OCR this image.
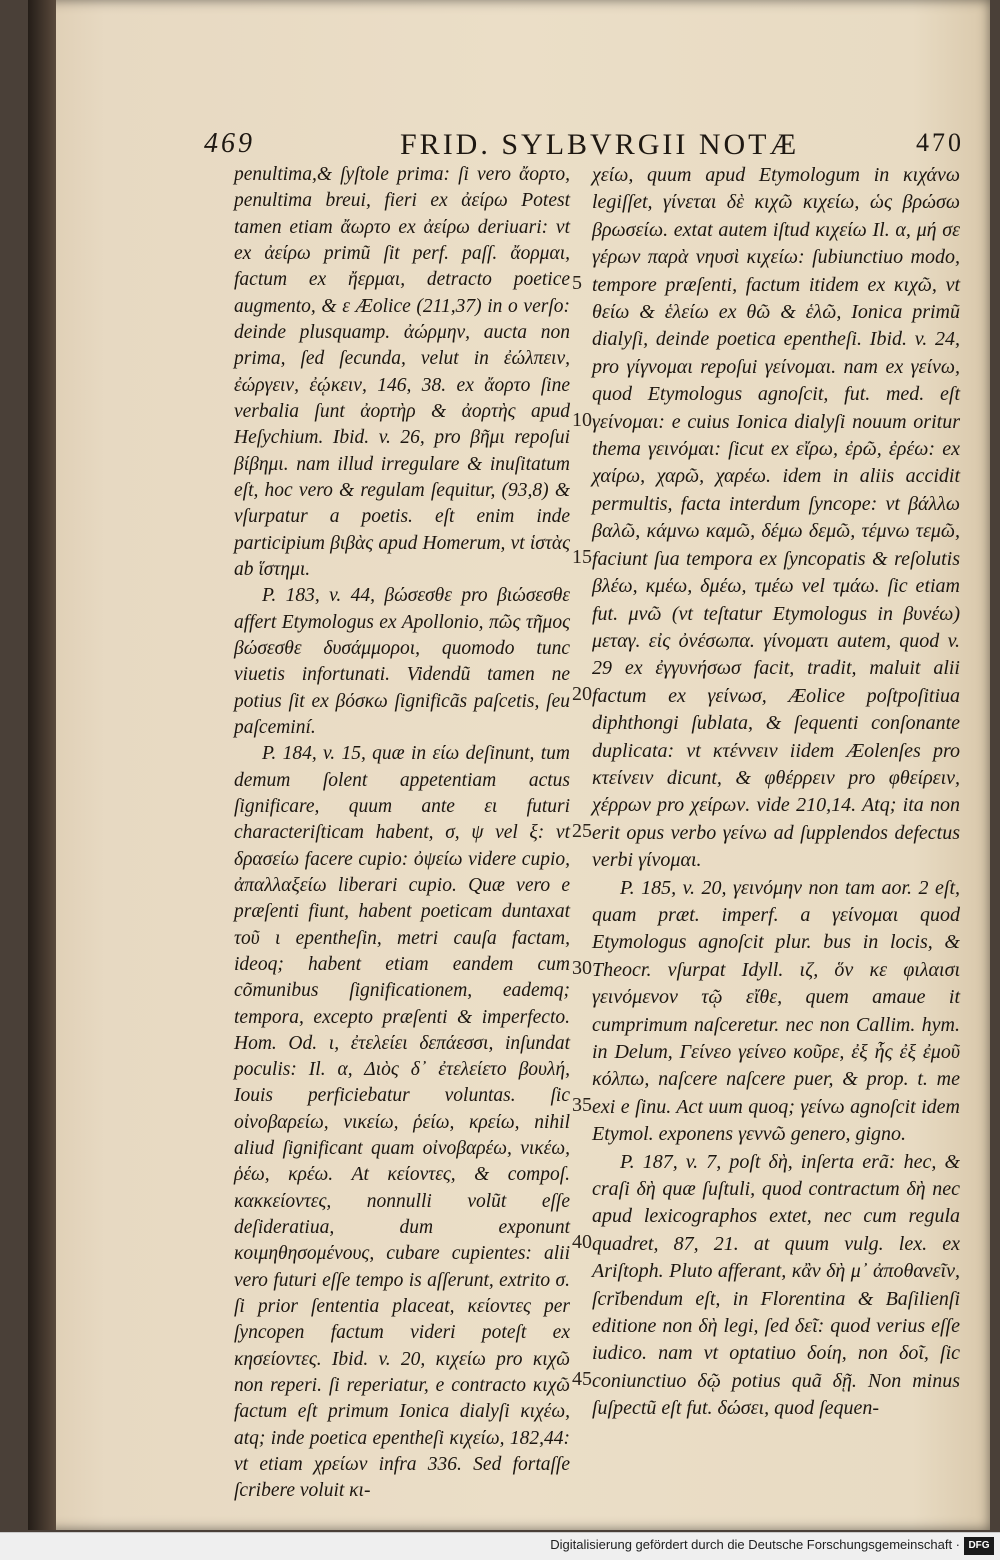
469	FRID. SYLBVRGII NOTÆ	470

penultima,& ſyſtole prima: ſi vero ἄορτο, penultima breui, fieri ex ἀείρω Potest tamen etiam ἄωρτο ex ἀείρω deriuari: vt ex ἀείρω primũ ſit perf. paſſ. ἄορμαι, factum ex ἤερμαι, detracto poetice augmento, & ε Æolice (211,37) in ο verſo: deinde plusquamp. ἀώρμην, aucta non prima, ſed ſecunda, velut in ἐώλπειν, ἐώργειν, ἐῴκειν, 146, 38. ex ἄορτο ſine verbalia ſunt ἀορτὴρ & ἀορτὴς apud Heſychium. Ibid. v. 26, pro βῆμι repoſui βίβημι. nam illud irregulare & inuſitatum eſt, hoc vero & regulam ſequitur, (93,8) & vſurpatur a poetis. eſt enim inde participium βιβὰς apud Homerum, vt ἱστὰς ab ἵστημι.

P. 183, v. 44, βώσεσθε pro βιώσεσθε affert Etymologus ex Apollonio, πῶς τῆμος βώσεσθε δυσάμμοροι, quomodo tunc viuetis infortunati. Videndũ tamen ne potius ſit ex βόσκω ſignificãs paſcetis, ſeu paſceminí.

P. 184, v. 15, quæ in είω deſinunt, tum demum ſolent appetentiam actus ſignificare, quum ante ει futuri characteriſticam habent, σ, ψ vel ξ: vt δρασείω facere cupio: ὀψείω videre cupio, ἀπαλλαξείω liberari cupio. Quæ vero e præſenti fiunt, habent poeticam duntaxat τοῦ ι epentheſin, metri cauſa factam, ideoq; habent etiam eandem cum cõmunibus ſignificationem, eademq; tempora, excepto præſenti & imperfecto. Hom. Od. ι, ἐτελείει δεπάεσσι, inſundat poculis: Il. α, Διὸς δ᾽ ἐτελείετο βουλή, Iouis perficiebatur voluntas. ſic οἰνοβαρείω, νικείω, ῥείω, κρείω, nihil aliud ſignificant quam οἰνοβαρέω, νικέω, ῥέω, κρέω. At κείοντες, & compoſ. κακκείοντες, nonnulli volũt eſſe deſideratiua, dum exponunt κοιμηθησομένους, cubare cupientes: alii vero futuri eſſe tempo is aſſerunt, extrito σ. ſi prior ſententia placeat, κείοντες per ſyncopen factum videri poteſt ex κησείοντες. Ibid. v. 20, κιχείω pro κιχῶ non reperi. ſi reperiatur, e contracto κιχῶ factum eſt primum Ionica dialyſi κιχέω, atq; inde poetica epentheſi κιχείω, 182,44: vt etiam χρείων infra 336. Sed fortaſſe ſcribere voluit κι-

5
10
15
20
25
30
35
40
45

χείω, quum apud Etymologum in κιχάνω legiſſet, γίνεται δὲ κιχῶ κιχείω, ὡς βρώσω βρωσείω. extat autem iſtud κιχείω Il. α, μή σε γέρων παρὰ νηυσὶ κιχείω: ſubiunctiuo modo, tempore præſenti, factum itidem ex κιχῶ, vt θείω & ἑλείω ex θῶ & ἑλῶ, Ionica primũ dialyſi, deinde poetica epentheſi. Ibid. v. 24, pro γίγνομαι repoſui γείνομαι. nam ex γείνω, quod Etymologus agnoſcit, fut. med. eſt γείνομαι: e cuius Ionica dialyſi nouum oritur thema γεινόμαι: ſicut ex εἴρω, ἐρῶ, ἐρέω: ex χαίρω, χαρῶ, χαρέω. idem in aliis accidit permultis, facta interdum ſyncope: vt βάλλω βαλῶ, κάμνω καμῶ, δέμω δεμῶ, τέμνω τεμῶ, faciunt ſua tempora ex ſyncopatis & reſolutis βλέω, κμέω, δμέω, τμέω vel τμάω. ſic etiam fut. μνῶ (vt teſtatur Etymologus in βυνέω) μεταγ. εἰς ὀνέσωπα. γίνοματι autem, quod v. 29 ex ἐγγυνήσωσ facit, tradit, maluit alii factum ex γείνωσ, Æolice poſtpoſitiua diphthongi ſublata, & ſequenti conſonante duplicata: vt κτέννειν iidem Æolenſes pro κτείνειν dicunt, & φθέρρειν pro φθείρειν, χέρρων pro χείρων. vide 210,14. Atq; ita non erit opus verbo γείνω ad ſupplendos defectus verbi γίνομαι.

P. 185, v. 20, γεινόμην non tam aor. 2 eſt, quam præt. imperf. a γείνομαι quod Etymologus agnoſcit plur. bus in locis, & Theocr. vſurpat Idyll. ιζ, ὅν κε φιλαισι γεινόμενον τῷ εἴθε, quem amaue it cumprimum naſceretur. nec non Callim. hym. in Delum, Γείνεο γείνεο κοῦρε, ἐξ ἧς ἐξ ἐμοῦ κόλπω, naſcere naſcere puer, & prop. t. me exi e ſinu. Act uum quoq; γείνω agnoſcit idem Etymol. exponens γεννῶ genero, gigno.

P. 187, v. 7, poſt δὴ, inſerta erã: hec, & craſi δὴ quæ ſuſtuli, quod contractum δὴ nec apud lexicographos extet, nec cum regula quadret, 87, 21. at quum vulg. lex. ex Ariſtoph. Pluto afferant, κἂν δὴ μ᾽ ἀποθανεῖν, ſcrĭbendum eſt, in Florentina & Baſilienſi editione non δὴ legi, ſed δεῖ: quod verius eſſe iudico. nam vt optatiuo δοίη, non δοῖ, ſic coniunctiuo δῷ potius quã δῇ. Non minus ſuſpectũ eſt fut. δώσει, quod ſequen-

Digitalisierung gefördert durch die Deutsche Forschungsgemeinschaft · DFG
